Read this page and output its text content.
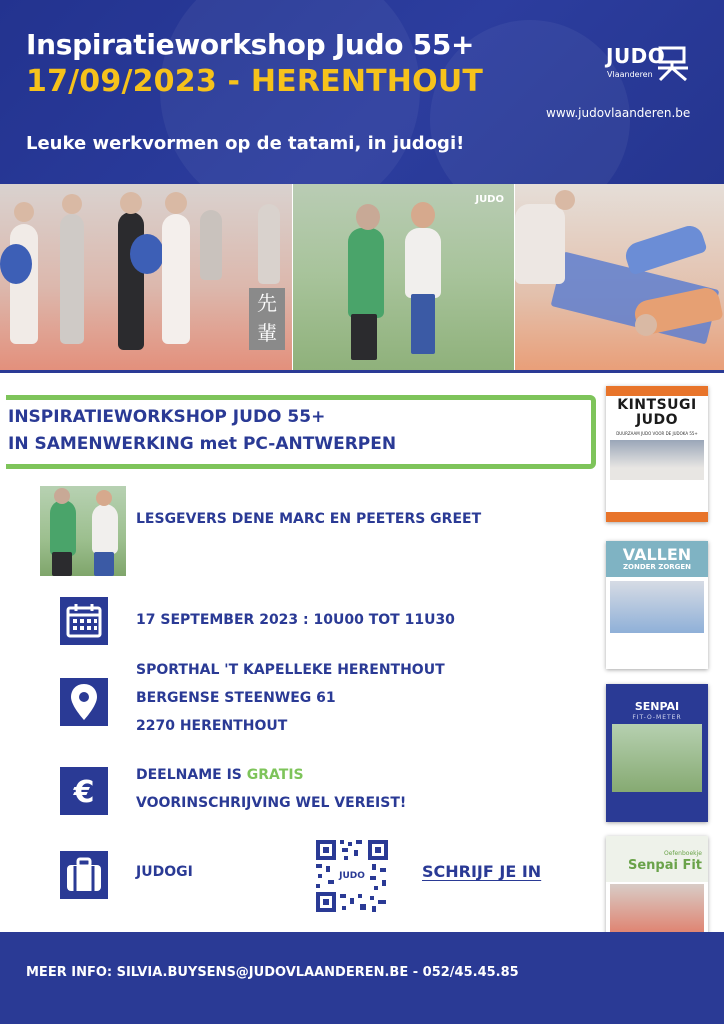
Inspiratieworkshop Judo 55+
17/09/2023 - HERENTHOUT
Leuke werkvormen op de tatami, in judogi!
JUDO
Vlaanderen
www.judovlaanderen.be
先輩
JUDO
INSPIRATIEWORKSHOP JUDO 55+
IN SAMENWERKING met PC-ANTWERPEN
LESGEVERS DENE MARC EN PEETERS GREET
17 SEPTEMBER 2023 : 10U00 TOT 11U30
SPORTHAL 'T KAPELLEKE HERENTHOUT
BERGENSE STEENWEG 61
2270 HERENTHOUT
€	DEELNAME IS GRATIS
VOORINSCHRIJVING WEL VEREIST!
JUDOGI	JUDO	SCHRIJF JE IN
KINTSUGI JUDO
DUURZAAM JUDO VOOR DE JUDOKA 55+
VALLEN
ZONDER ZORGEN
SENPAI
FIT-O-METER
Oefenboekje
Senpai Fit
MEER INFO: SILVIA.BUYSENS@JUDOVLAANDEREN.BE - 052/45.45.85
